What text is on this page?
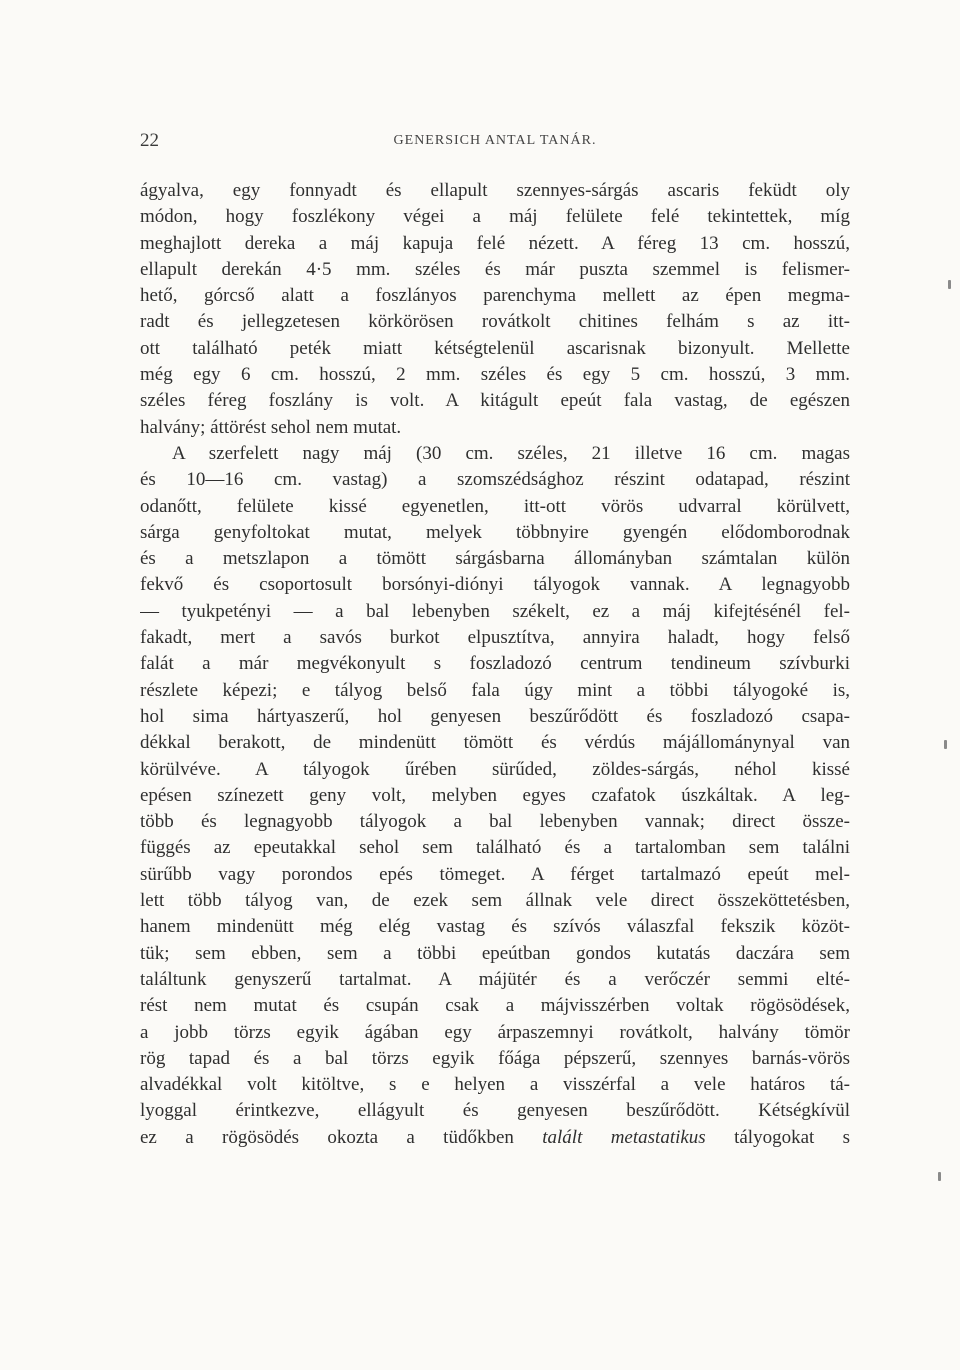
22	GENERSICH ANTAL TANÁR.
ágyalva, egy fonnyadt és ellapult szennyes-sárgás ascaris feküdt oly
módon, hogy foszlékony végei a máj felülete felé tekintettek, míg
meghajlott dereka a máj kapuja felé nézett. A féreg 13 cm. hosszú,
ellapult derekán 4·5 mm. széles és már puszta szemmel is felismer-
hető, górcső alatt a foszlányos parenchyma mellett az épen megma-
radt és jellegzetesen körkörösen rovátkolt chitines felhám s az itt-
ott található peték miatt kétségtelenül ascarisnak bizonyult. Mellette
még egy 6 cm. hosszú, 2 mm. széles és egy 5 cm. hosszú, 3 mm.
széles féreg foszlány is volt. A kitágult epeút fala vastag, de egészen
halvány; áttörést sehol nem mutat.
A szerfelett nagy máj (30 cm. széles, 21 illetve 16 cm. magas
és 10—16 cm. vastag) a szomszédsághoz részint odatapad, részint
odanőtt, felülete kissé egyenetlen, itt-ott vörös udvarral körülvett,
sárga genyfoltokat mutat, melyek többnyire gyengén elődomborodnak
és a metszlapon a tömött sárgásbarna állományban számtalan külön
fekvő és csoportosult borsónyi-diónyi tályogok vannak. A legnagyobb
— tyukpetényi — a bal lebenyben székelt, ez a máj kifejtésénél fel-
fakadt, mert a savós burkot elpusztítva, annyira haladt, hogy felső
falát a már megvékonyult s foszladozó centrum tendineum szívburki
részlete képezi; e tályog belső fala úgy mint a többi tályogoké is,
hol sima hártyaszerű, hol genyesen beszűrődött és foszladozó csapa-
dékkal berakott, de mindenütt tömött és vérdús májállománynyal van
körülvéve. A tályogok űrében sürűded, zöldes-sárgás, néhol kissé
epésen színezett geny volt, melyben egyes czafatok úszkáltak. A leg-
több és legnagyobb tályogok a bal lebenyben vannak; direct össze-
függés az epeutakkal sehol sem található és a tartalomban sem találni
sürűbb vagy porondos epés tömeget. A férget tartalmazó epeút mel-
lett több tályog van, de ezek sem állnak vele direct összeköttetésben,
hanem mindenütt még elég vastag és szívós válaszfal fekszik közöt-
tük; sem ebben, sem a többi epeútban gondos kutatás daczára sem
találtunk genyszerű tartalmat. A májütér és a verőczér semmi elté-
rést nem mutat és csupán csak a májvisszérben voltak rögösödések,
a jobb törzs egyik ágában egy árpaszemnyi rovátkolt, halvány tömör
rög tapad és a bal törzs egyik főága pépszerű, szennyes barnás-vörös
alvadékkal volt kitöltve, s e helyen a visszérfal a vele határos tá-
lyoggal érintkezve, ellágyult és genyesen beszűrődött. Kétségkívül
ez a rögösödés okozta a tüdőkben talált metastatikus tályogokat s
